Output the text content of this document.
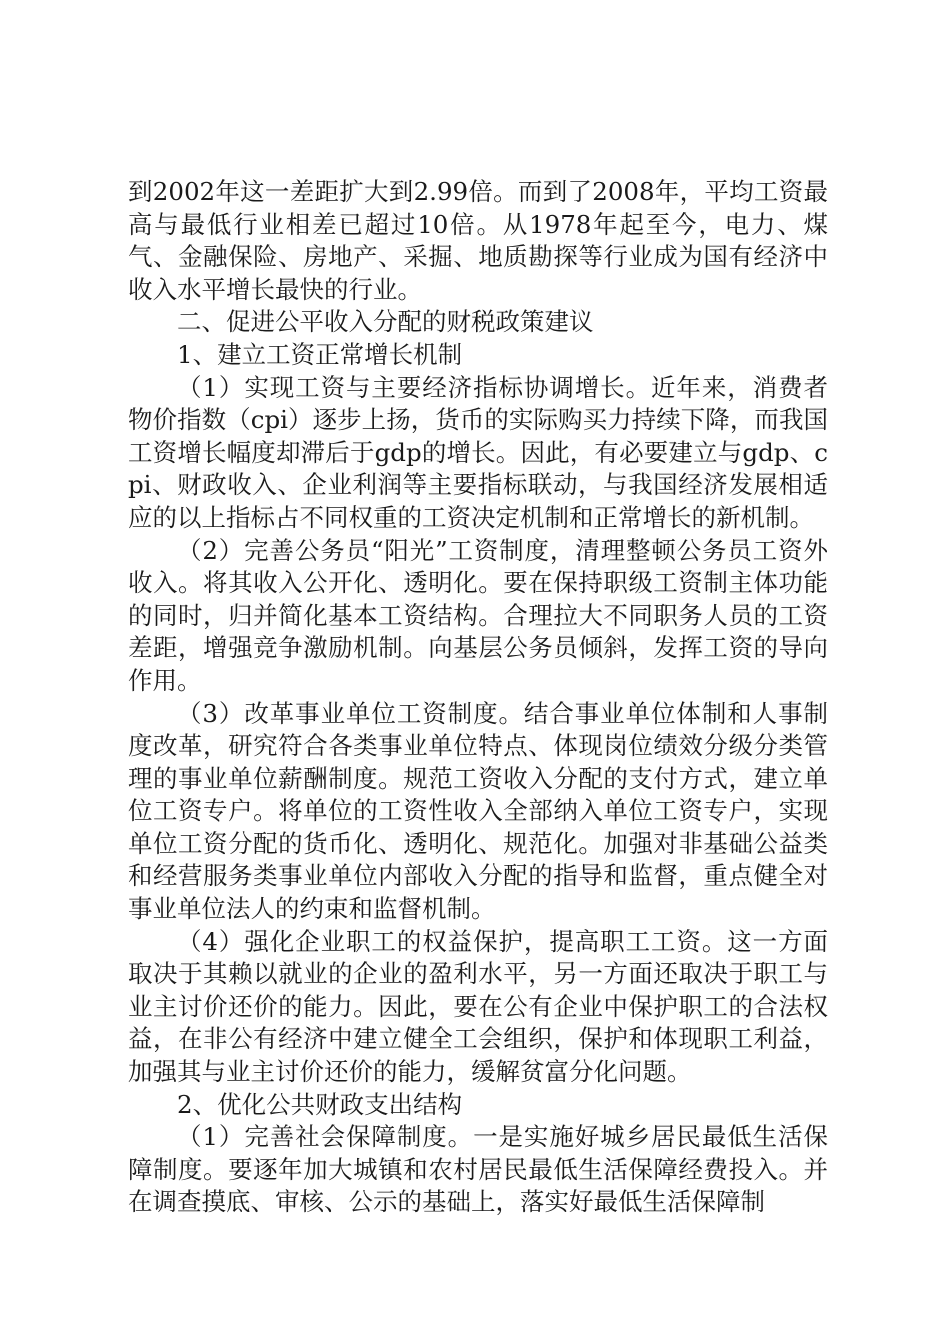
到2002年这一差距扩大到2.99倍。而到了2008年，平均工资最高与最低行业相差已超过10倍。从1978年起至今，电力、煤气、金融保险、房地产、采掘、地质勘探等行业成为国有经济中收入水平增长最快的行业。

二、促进公平收入分配的财税政策建议

1、建立工资正常增长机制

（1）实现工资与主要经济指标协调增长。近年来，消费者物价指数（cpi）逐步上扬，货币的实际购买力持续下降，而我国工资增长幅度却滞后于gdp的增长。因此，有必要建立与gdp、cpi、财政收入、企业利润等主要指标联动，与我国经济发展相适应的以上指标占不同权重的工资决定机制和正常增长的新机制。

（2）完善公务员“阳光”工资制度，清理整顿公务员工资外收入。将其收入公开化、透明化。要在保持职级工资制主体功能的同时，归并简化基本工资结构。合理拉大不同职务人员的工资差距，增强竞争激励机制。向基层公务员倾斜，发挥工资的导向作用。

（3）改革事业单位工资制度。结合事业单位体制和人事制度改革，研究符合各类事业单位特点、体现岗位绩效分级分类管理的事业单位薪酬制度。规范工资收入分配的支付方式，建立单位工资专户。将单位的工资性收入全部纳入单位工资专户，实现单位工资分配的货币化、透明化、规范化。加强对非基础公益类和经营服务类事业单位内部收入分配的指导和监督，重点健全对事业单位法人的约束和监督机制。

（4）强化企业职工的权益保护，提高职工工资。这一方面取决于其赖以就业的企业的盈利水平，另一方面还取决于职工与业主讨价还价的能力。因此，要在公有企业中保护职工的合法权益，在非公有经济中建立健全工会组织，保护和体现职工利益，加强其与业主讨价还价的能力，缓解贫富分化问题。

2、优化公共财政支出结构

（1）完善社会保障制度。一是实施好城乡居民最低生活保障制度。要逐年加大城镇和农村居民最低生活保障经费投入。并在调查摸底、审核、公示的基础上，落实好最低生活保障制
